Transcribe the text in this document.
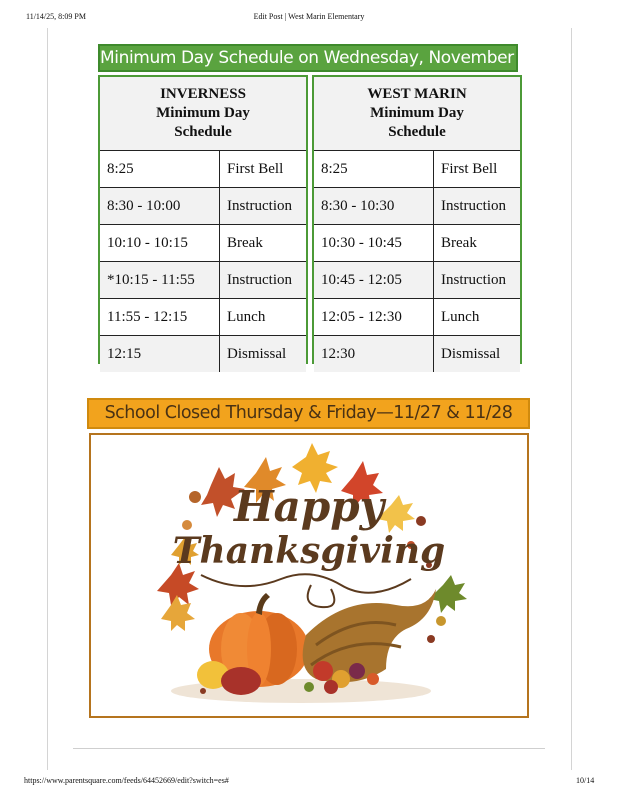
11/14/25, 8:09 PM	Edit Post | West Marin Elementary
Minimum Day Schedule on Wednesday, November 26
INVERNESS
Minimum Day
Schedule
8:25	First Bell
8:30 - 10:00	Instruction
10:10 - 10:15	Break
*10:15 - 11:55	Instruction
11:55 - 12:15	Lunch
12:15	Dismissal
WEST MARIN
Minimum Day
Schedule
8:25	First Bell
8:30 - 10:30	Instruction
10:30 - 10:45	Break
10:45 - 12:05	Instruction
12:05 - 12:30	Lunch
12:30	Dismissal
School Closed Thursday & Friday—11/27 & 11/28
Happy
Thanksgiving
https://www.parentsquare.com/feeds/64452669/edit?switch=es#	10/14
